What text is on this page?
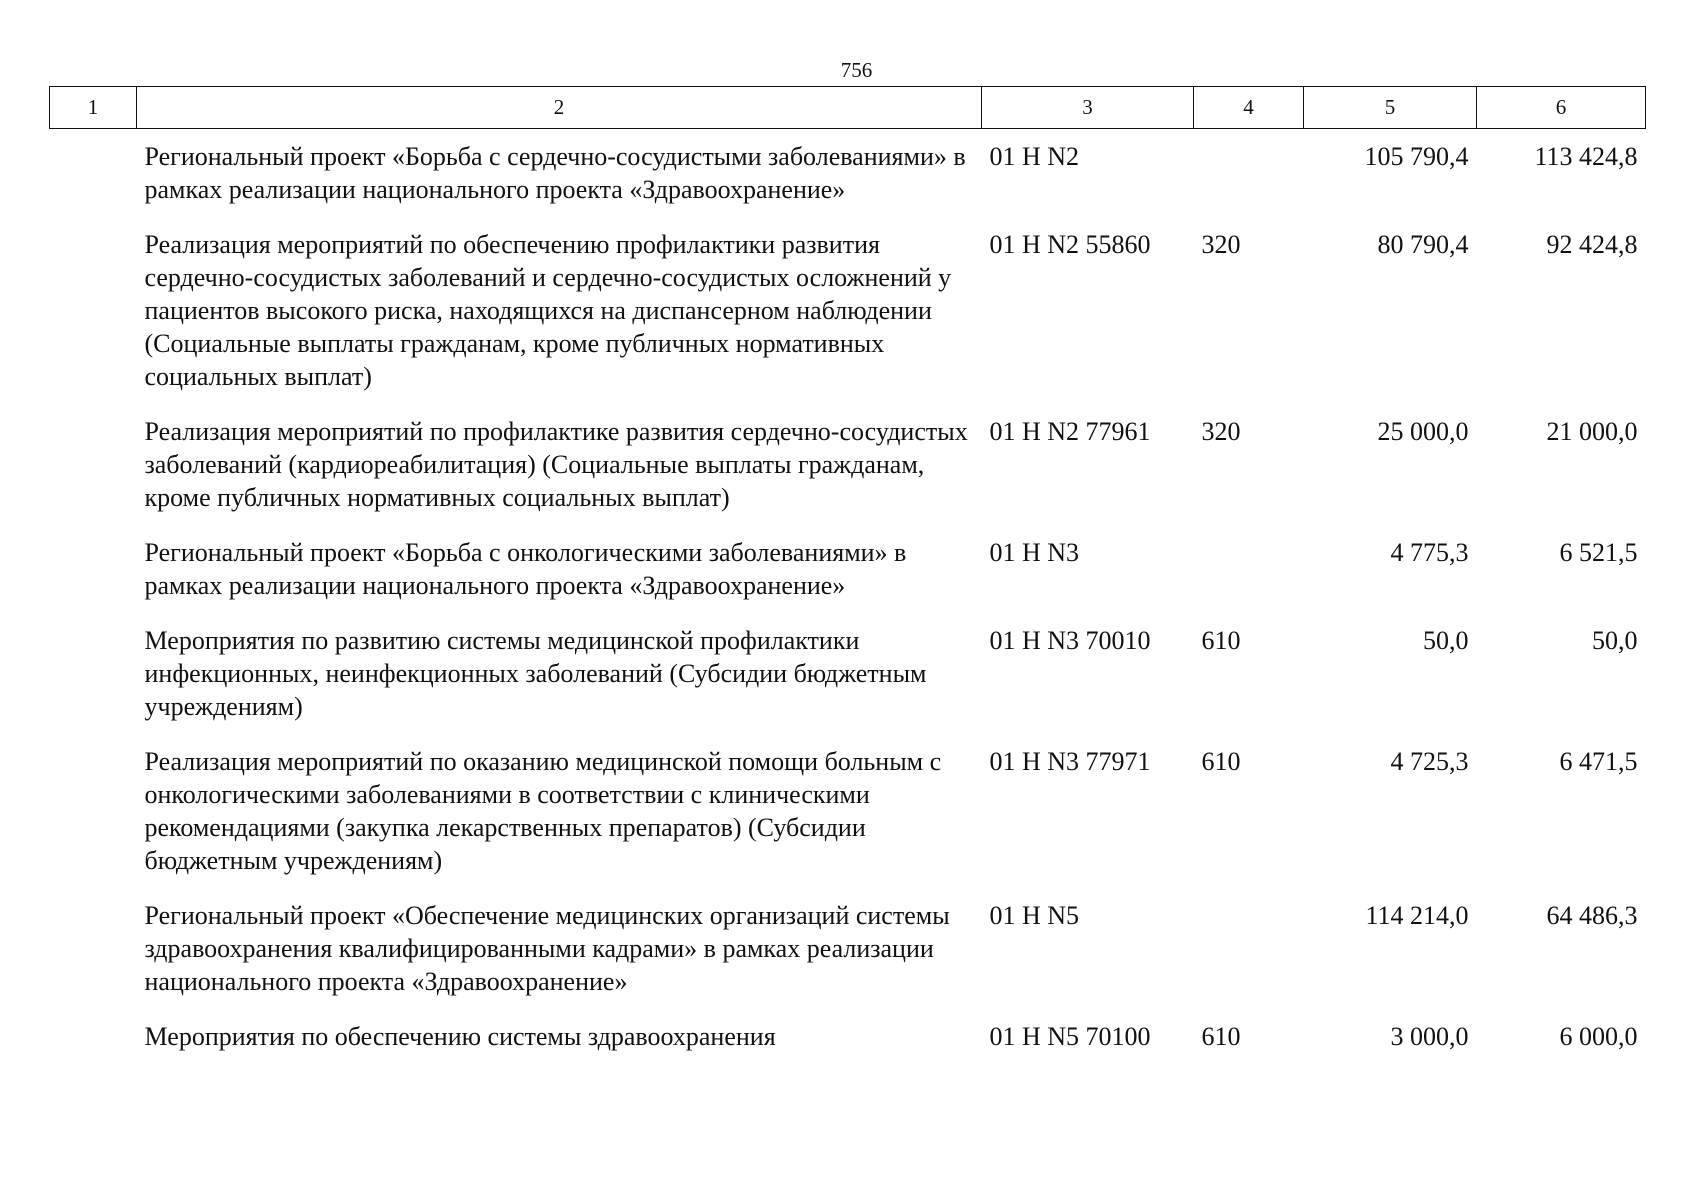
756
1	2	3	4	5	6
	Региональный проект «Борьба с сердечно-сосудистыми заболеваниями» в рамках реализации национального проекта «Здравоохранение»	01 Н N2		105 790,4	113 424,8
	Реализация мероприятий по обеспечению профилактики развития сердечно-сосудистых заболеваний и сердечно-сосудистых осложнений у пациентов высокого риска, находящихся на диспансерном наблюдении (Социальные выплаты гражданам, кроме публичных нормативных социальных выплат)	01 Н N2 55860	320	80 790,4	92 424,8
	Реализация мероприятий по профилактике развития сердечно-сосудистых заболеваний (кардиореабилитация) (Социальные выплаты гражданам, кроме публичных нормативных социальных выплат)	01 Н N2 77961	320	25 000,0	21 000,0
	Региональный проект «Борьба с онкологическими заболеваниями» в рамках реализации национального проекта «Здравоохранение»	01 Н N3		4 775,3	6 521,5
	Мероприятия по развитию системы медицинской профилактики инфекционных, неинфекционных заболеваний (Субсидии бюджетным учреждениям)	01 Н N3 70010	610	50,0	50,0
	Реализация мероприятий по оказанию медицинской помощи больным с онкологическими заболеваниями в соответствии с клиническими рекомендациями (закупка лекарственных препаратов) (Субсидии бюджетным учреждениям)	01 Н N3 77971	610	4 725,3	6 471,5
	Региональный проект «Обеспечение медицинских организаций системы здравоохранения квалифицированными кадрами» в рамках реализации национального проекта «Здравоохранение»	01 Н N5		114 214,0	64 486,3
	Мероприятия по обеспечению системы здравоохранения	01 Н N5 70100	610	3 000,0	6 000,0
